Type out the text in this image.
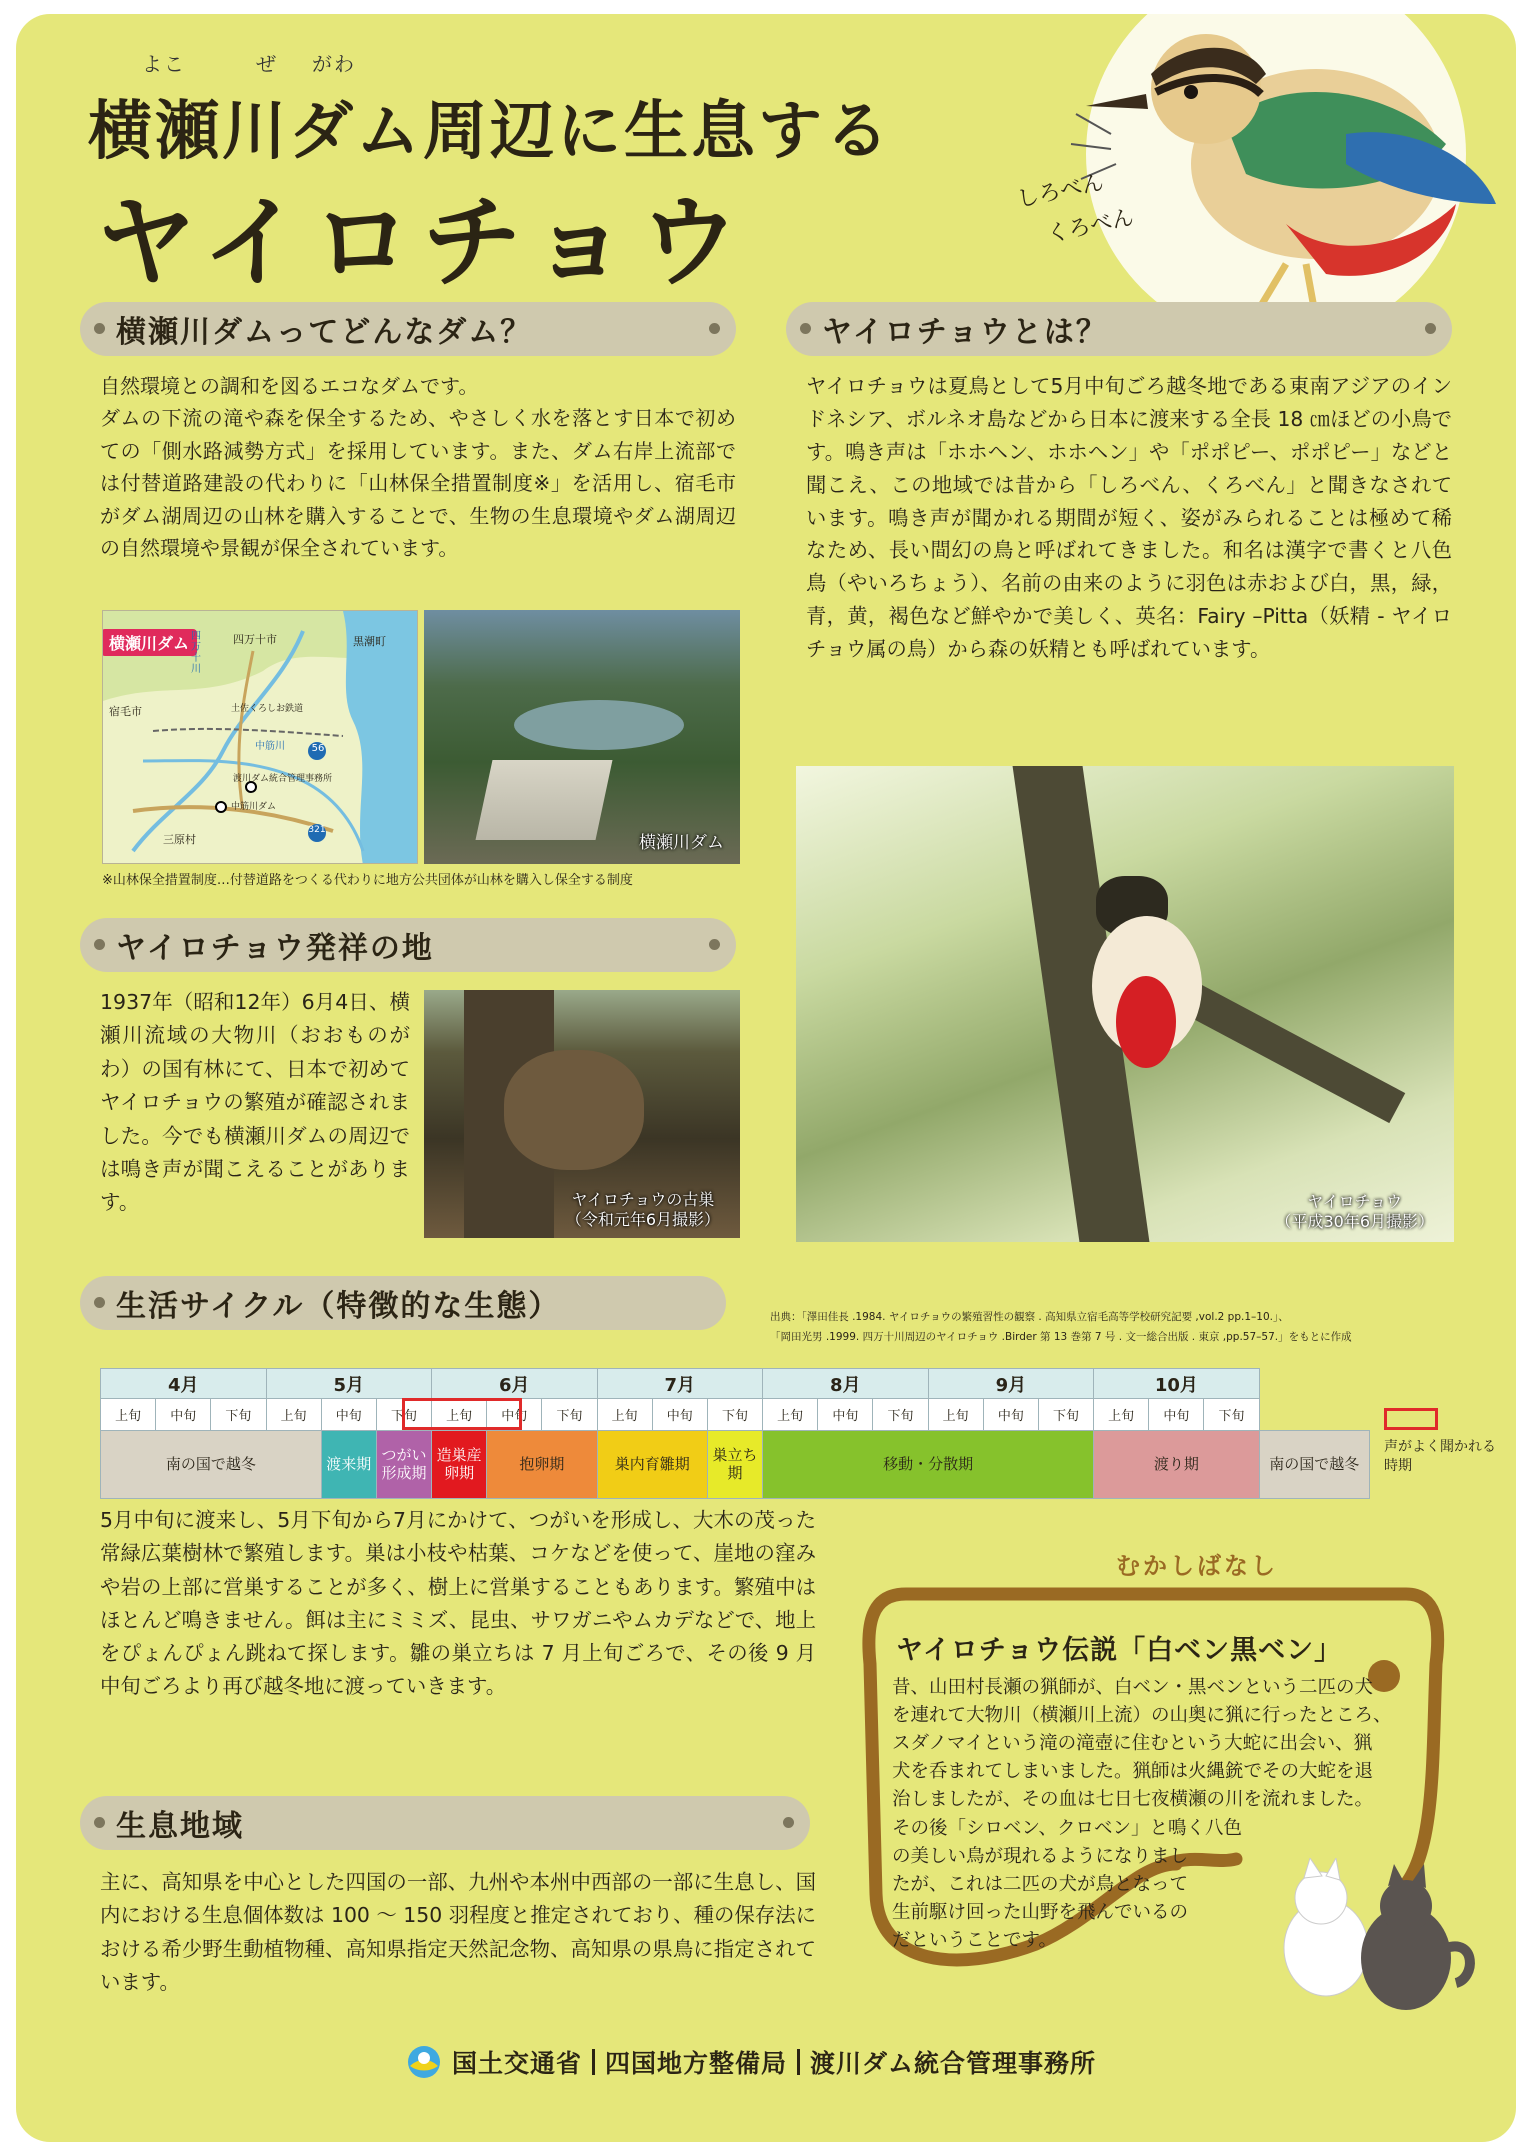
よこ	ぜ がわ
横瀬川ダム周辺に生息する
ヤイロチョウ	しろべん
くろべん
横瀬川ダムってどんなダム？
自然環境との調和を図るエコなダムです。
ダムの下流の滝や森を保全するため、やさしく水を落とす日本で初めての「側水路減勢方式」を採用しています。また、ダム右岸上流部では付替道路建設の代わりに「山林保全措置制度※」を活用し、宿毛市がダム湖周辺の山林を購入することで、生物の生息環境やダム湖周辺の自然環境や景観が保全されています。
横瀬川ダム	四万十市	黒潮町
宿毛市
四万十川
土佐くろしお鉄道
56
中筋川
渡川ダム統合管理事務所
中筋川ダム
321
三原村	横瀬川ダム
※山林保全措置制度…付替道路をつくる代わりに地方公共団体が山林を購入し保全する制度
ヤイロチョウ発祥の地
1937年（昭和12年）6月4日、横瀬川流域の大物川（おおものがわ）の国有林にて、日本で初めてヤイロチョウの繁殖が確認されました。今でも横瀬川ダムの周辺では鳴き声が聞こえることがあります。	ヤイロチョウの古巣
（令和元年6月撮影）
ヤイロチョウとは？
ヤイロチョウは夏鳥として5月中旬ごろ越冬地である東南アジアのインドネシア、ボルネオ島などから日本に渡来する全長 18 ㎝ほどの小鳥です。鳴き声は「ホホヘン、ホホヘン」や「ポポピー、ポポピー」などと聞こえ、この地域では昔から「しろべん、くろべん」と聞きなされています。鳴き声が聞かれる期間が短く、姿がみられることは極めて稀なため、長い間幻の鳥と呼ばれてきました。和名は漢字で書くと八色鳥（やいろちょう）、名前の由来のように羽色は赤および白，黒，緑，青，黄，褐色など鮮やかで美しく、英名：Fairy –Pitta（妖精 - ヤイロチョウ属の鳥）から森の妖精とも呼ばれています。
ヤイロチョウ
（平成30年6月撮影）
生活サイクル（特徴的な生態）	出典：「澤田佳長 .1984. ヤイロチョウの繁殖習性の観察 . 高知県立宿毛高等学校研究記要 ,vol.2 pp.1–10.」、
「岡田光男 .1999. 四万十川周辺のヤイロチョウ .Birder 第 13 巻第 7 号 . 文一総合出版 . 東京 ,pp.57–57.」をもとに作成
4月			5月			6月			7月			8月			9月			10月			
上旬	中旬	下旬	上旬	中旬	下旬	上旬	中旬	下旬	上旬	中旬	下旬	上旬	中旬	下旬	上旬	中旬	下旬	上旬	中旬	下旬	
南の国で越冬				渡来期	つがい形成期	造巣産卵期	抱卵期		巣内育雛期		巣立ち期	移動・分散期						渡り期			南の国で越冬
声がよく聞かれる時期
5月中旬に渡来し、5月下旬から7月にかけて、つがいを形成し、大木の茂った常緑広葉樹林で繁殖します。巣は小枝や枯葉、コケなどを使って、崖地の窪みや岩の上部に営巣することが多く、樹上に営巣することもあります。繁殖中はほとんど鳴きません。餌は主にミミズ、昆虫、サワガニやムカデなどで、地上をぴょんぴょん跳ねて探します。雛の巣立ちは 7 月上旬ごろで、その後 9 月中旬ごろより再び越冬地に渡っていきます。
生息地域
主に、高知県を中心とした四国の一部、九州や本州中西部の一部に生息し、国内における生息個体数は 100 ～ 150 羽程度と推定されており、種の保存法における希少野生動植物種、高知県指定天然記念物、高知県の県鳥に指定されています。
むかしばなし
ヤイロチョウ伝説「白ベン黒ベン」
昔、山田村長瀬の猟師が、白ベン・黒ベンという二匹の犬
を連れて大物川（横瀬川上流）の山奥に猟に行ったところ、
スダノマイという滝の滝壺に住むという大蛇に出会い、猟
犬を呑まれてしまいました。猟師は火縄銃でその大蛇を退
治しましたが、その血は七日七夜横瀬の川を流れました。
その後「シロベン、クロベン」と鳴く八色
の美しい鳥が現れるようになりまし
たが、これは二匹の犬が鳥となって
生前駆け回った山野を飛んでいるの
だということです。
国土交通省 四国地方整備局 渡川ダム統合管理事務所
